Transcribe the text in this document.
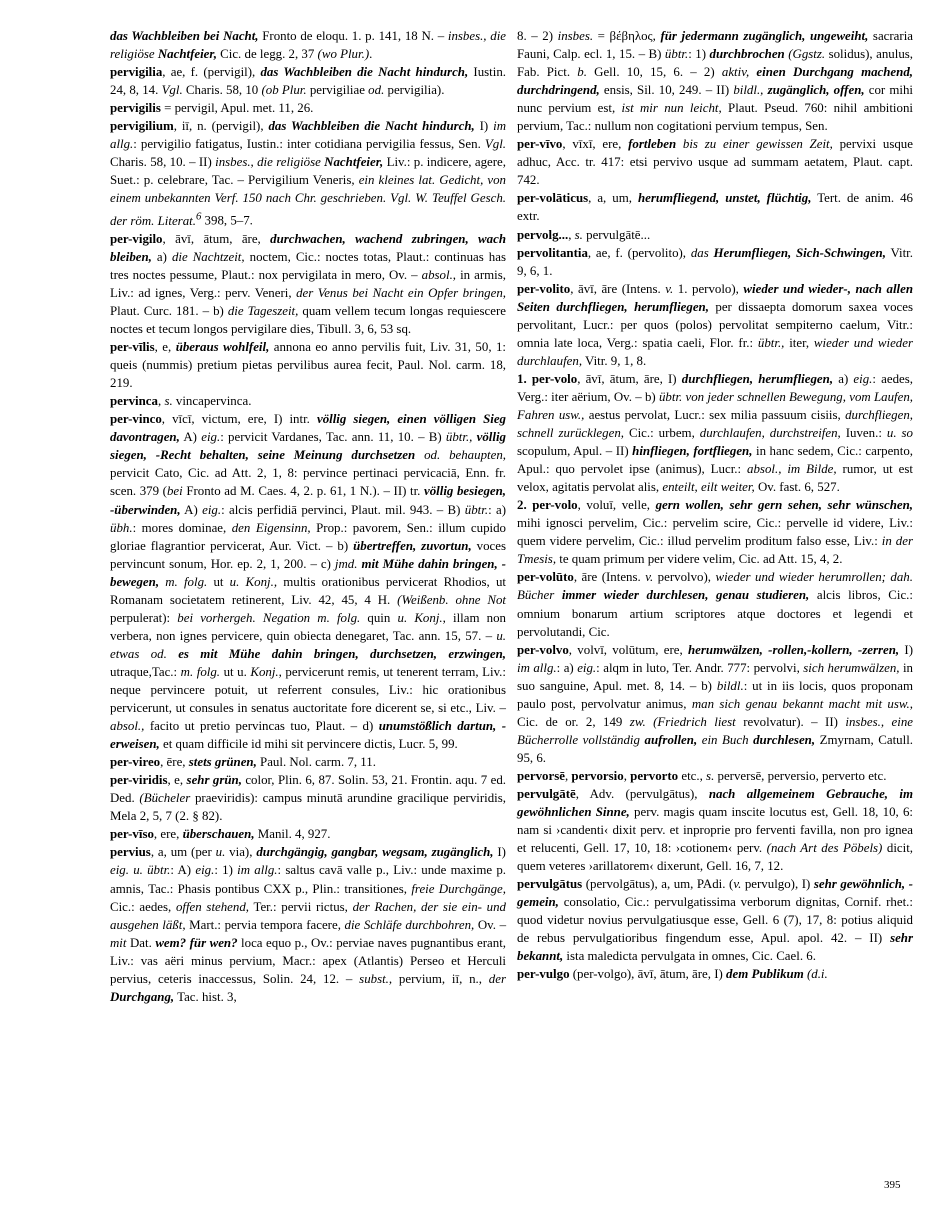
das Wachbleiben bei Nacht, Fronto de eloqu. 1. p. 141, 18 N. – insbes., die religiöse Nachtfeier, Cic. de legg. 2, 37 (wo Plur.).

pervigilia, ae, f. (pervigil), das Wachbleiben die Nacht hindurch, Iustin. 24, 8, 14. Vgl. Charis. 58, 10 (ob Plur. pervigiliae od. pervigilia).

pervigilis = pervigil, Apul. met. 11, 26.

pervigilium, iī, n. (pervigil), das Wachbleiben die Nacht hindurch, I) im allg.: pervigilio fatigatus, Iustin.: inter cotidiana pervigilia fessus, Sen. Vgl. Charis. 58, 10. – II) insbes., die religiöse Nachtfeier, Liv.: p. indicere, agere, Suet.: p. celebrare, Tac. – Pervigilium Veneris, ein kleines lat. Gedicht, von einem unbekannten Verf. 150 nach Chr. geschrieben. Vgl. W. Teuffel Gesch. der röm. Literat.$^6$ 398, 5–7.

per-vigilo, āvī, ātum, āre, durchwachen, wachend zubringen, wach bleiben, a) die Nachtzeit, noctem, Cic.: noctes totas, Plaut.: continuas has tres noctes pessume, Plaut.: nox pervigilata in mero, Ov. – absol., in armis, Liv.: ad ignes, Verg.: perv. Veneri, der Venus bei Nacht ein Opfer bringen, Plaut. Curc. 181. – b) die Tageszeit, quam vellem tecum longas requiescere noctes et tecum longos pervigilare dies, Tibull. 3, 6, 53 sq.

per-vīlis, e, überaus wohlfeil, annona eo anno pervilis fuit, Liv. 31, 50, 1: queis (nummis) pretium pietas pervilibus aurea fecit, Paul. Nol. carm. 18, 219.

pervinca, s. vincapervinca.

per-vinco, vīcī, victum, ere, I) intr. völlig siegen, einen völligen Sieg davontragen, A) eig.: pervicit Vardanes, Tac. ann. 11, 10. – B) übtr., völlig siegen, -Recht behalten, seine Meinung durchsetzen od. behaupten, pervicit Cato, Cic. ad Att. 2, 1, 8: pervince pertinaci pervicaciā, Enn. fr. scen. 379 (bei Fronto ad M. Caes. 4, 2. p. 61, 1 N.). – II) tr. völlig besiegen, -überwinden, A) eig.: alcis perfidiā pervinci, Plaut. mil. 943. – B) übtr.: a) übh.: mores dominae, den Eigensinn, Prop.: pavorem, Sen.: illum cupido gloriae flagrantior pervicerat, Aur. Vict. – b) übertreffen, zuvortun, voces pervincunt sonum, Hor. ep. 2, 1, 200. – c) jmd. mit Mühe dahin bringen, -bewegen, m. folg. ut u. Konj., multis orationibus pervicerat Rhodios, ut Romanam societatem retinerent, Liv. 42, 45, 4 H. (Weißenb. ohne Not perpulerat): bei vorhergeh. Negation m. folg. quin u. Konj., illam non verbera, non ignes pervicere, quin obiecta denegaret, Tac. ann. 15, 57. – u. etwas od. es mit Mühe dahin bringen, durchsetzen, erzwingen, utraque,Tac.: m. folg. ut u. Konj., pervicerunt remis, ut tenerent terram, Liv.: neque pervincere potuit, ut referrent consules, Liv.: hic orationibus pervicerunt, ut consules in senatus auctoritate fore dicerent se, si etc., Liv. – absol., facito ut pretio pervincas tuo, Plaut. – d) unumstößlich dartun, -erweisen, et quam difficile id mihi sit pervincere dictis, Lucr. 5, 99.

per-vireo, ēre, stets grünen, Paul. Nol. carm. 7, 11.

per-viridis, e, sehr grün, color, Plin. 6, 87. Solin. 53, 21. Frontin. aqu. 7 ed. Ded. (Bücheler praeviridis): campus minutā arundine gracilique perviridis, Mela 2, 5, 7 (2. § 82).

per-vīso, ere, überschauen, Manil. 4, 927.

pervius, a, um (per u. via), durchgängig, gangbar, wegsam, zugänglich, I) eig. u. übtr.: A) eig.: 1) im allg.: saltus cavā valle p., Liv.: unde maxime p. amnis, Tac.: Phasis pontibus CXX p., Plin.: transitiones, freie Durchgänge, Cic.: aedes, offen stehend, Ter.: pervii rictus, der Rachen, der sie ein- und ausgehen läßt, Mart.: pervia tempora facere, die Schläfe durchbohren, Ov. – mit Dat. wem? für wen? loca equo p., Ov.: perviae naves pugnantibus erant, Liv.: vas aëri minus pervium, Macr.: apex (Atlantis) Perseo et Herculi pervius, ceteris inaccessus, Solin. 24, 12. – subst., pervium, iī, n., der Durchgang, Tac. hist. 3,

8. – 2) insbes. = βέβηλος, für jedermann zugänglich, ungeweiht, sacraria Fauni, Calp. ecl. 1, 15. – B) übtr.: 1) durchbrochen (Ggstz. solidus), anulus, Fab. Pict. b. Gell. 10, 15, 6. – 2) aktiv, einen Durchgang machend, durchdringend, ensis, Sil. 10, 249. – II) bildl., zugänglich, offen, cor mihi nunc pervium est, ist mir nun leicht, Plaut. Pseud. 760: nihil ambitioni pervium, Tac.: nullum non cogitationi pervium tempus, Sen.

per-vīvo, vīxī, ere, fortleben bis zu einer gewissen Zeit, pervixi usque adhuc, Acc. tr. 417: etsi pervivo usque ad summam aetatem, Plaut. capt. 742.

per-volāticus, a, um, herumfliegend, unstet, flüchtig, Tert. de anim. 46 extr.

pervolg..., s. pervulgātē...

pervolitantia, ae, f. (pervolito), das Herumfliegen, Sich-Schwingen, Vitr. 9, 6, 1.

per-volito, āvī, āre (Intens. v. 1. pervolo), wieder und wieder-, nach allen Seiten durchfliegen, herumfliegen, per dissaepta domorum saxea voces pervolitant, Lucr.: per quos (polos) pervolitat sempiterno caelum, Vitr.: omnia late loca, Verg.: spatia caeli, Flor. fr.: übtr., iter, wieder und wieder durchlaufen, Vitr. 9, 1, 8.

1. per-volo, āvī, ātum, āre, I) durchfliegen, herumfliegen, a) eig.: aedes, Verg.: iter aërium, Ov. – b) übtr. von jeder schnellen Bewegung, vom Laufen, Fahren usw., aestus pervolat, Lucr.: sex milia passuum cisiis, durchfliegen, schnell zurücklegen, Cic.: urbem, durchlaufen, durchstreifen, Iuven.: u. so scopulum, Apul. – II) hinfliegen, fortfliegen, in hanc sedem, Cic.: carpento, Apul.: quo pervolet ipse (animus), Lucr.: absol., im Bilde, rumor, ut est velox, agitatis pervolat alis, enteilt, eilt weiter, Ov. fast. 6, 527.

2. per-volo, voluī, velle, gern wollen, sehr gern sehen, sehr wünschen, mihi ignosci pervelim, Cic.: pervelim scire, Cic.: pervelle id videre, Liv.: quem videre pervelim, Cic.: illud pervelim proditum falso esse, Liv.: in der Tmesis, te quam primum per videre velim, Cic. ad Att. 15, 4, 2.

per-volūto, āre (Intens. v. pervolvo), wieder und wieder herumrollen; dah. Bücher immer wieder durchlesen, genau studieren, alcis libros, Cic.: omnium bonarum artium scriptores atque doctores et legendi et pervolutandi, Cic.

per-volvo, volvī, volūtum, ere, herumwälzen, -rollen,-kollern, -zerren, I) im allg.: a) eig.: alqm in luto, Ter. Andr. 777: pervolvi, sich herumwälzen, in suo sanguine, Apul. met. 8, 14. – b) bildl.: ut in iis locis, quos proponam paulo post, pervolvatur animus, man sich genau bekannt macht mit usw., Cic. de or. 2, 149 zw. (Friedrich liest revolvatur). – II) insbes., eine Bücherrolle vollständig aufrollen, ein Buch durchlesen, Zmyrnam, Catull. 95, 6.

pervorsē, pervorsio, pervorto etc., s. perversē, perversio, perverto etc.

pervulgātē, Adv. (pervulgātus), nach allgemeinem Gebrauche, im gewöhnlichen Sinne, perv. magis quam inscite locutus est, Gell. 18, 10, 6: nam si ›candenti‹ dixit perv. et inproprie pro ferventi favilla, non pro ignea et relucenti, Gell. 17, 10, 18: ›cotionem‹ perv. (nach Art des Pöbels) dicit, quem veteres ›arillatorem‹ dixerunt, Gell. 16, 7, 12.

pervulgātus (pervolgātus), a, um, PAdi. (v. pervulgo), I) sehr gewöhnlich, -gemein, consolatio, Cic.: pervulgatissima verborum dignitas, Cornif. rhet.: quod videtur novius pervulgatiusque esse, Gell. 6 (7), 17, 8: potius aliquid de rebus pervulgatioribus fingendum esse, Apul. apol. 42. – II) sehr bekannt, ista maledicta pervulgata in omnes, Cic. Cael. 6.

per-vulgo (per-volgo), āvī, ātum, āre, I) dem Publikum (d.i.

395
